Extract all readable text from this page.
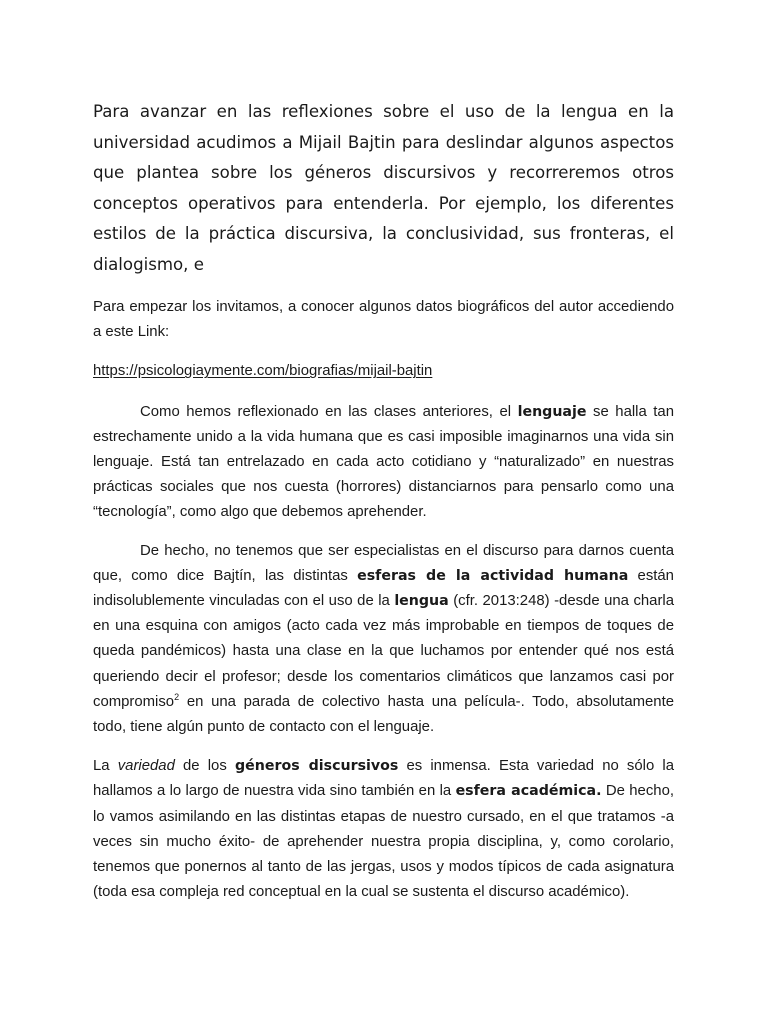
Para avanzar en las reflexiones sobre el uso de la lengua en la universidad acudimos a Mijail Bajtin para deslindar algunos aspectos que plantea sobre los géneros discursivos y recorreremos otros conceptos operativos para entenderla. Por ejemplo, los diferentes estilos de la práctica discursiva, la conclusividad, sus fronteras, el dialogismo, e

Para empezar los invitamos, a conocer algunos datos biográficos del autor accediendo a este Link:

https://psicologiaymente.com/biografias/mijail-bajtin

Como hemos reflexionado en las clases anteriores, el lenguaje se halla tan estrechamente unido a la vida humana que es casi imposible imaginarnos una vida sin lenguaje. Está tan entrelazado en cada acto cotidiano y “naturalizado” en nuestras prácticas sociales que nos cuesta (horrores) distanciarnos para pensarlo como una “tecnología”, como algo que debemos aprehender.

De hecho, no tenemos que ser especialistas en el discurso para darnos cuenta que, como dice Bajtín, las distintas esferas de la actividad humana están indisolublemente vinculadas con el uso de la lengua (cfr. 2013:248) -desde una charla en una esquina con amigos (acto cada vez más improbable en tiempos de toques de queda pandémicos) hasta una clase en la que luchamos por entender qué nos está queriendo decir el profesor; desde los comentarios climáticos que lanzamos casi por compromiso$^2$ en una parada de colectivo hasta una película-. Todo, absolutamente todo, tiene algún punto de contacto con el lenguaje.

La variedad de los géneros discursivos es inmensa. Esta variedad no sólo la hallamos a lo largo de nuestra vida sino también en la esfera académica. De hecho, lo vamos asimilando en las distintas etapas de nuestro cursado, en el que tratamos -a veces sin mucho éxito- de aprehender nuestra propia disciplina, y, como corolario, tenemos que ponernos al tanto de las jergas, usos y modos típicos de cada asignatura (toda esa compleja red conceptual en la cual se sustenta el discurso académico).
